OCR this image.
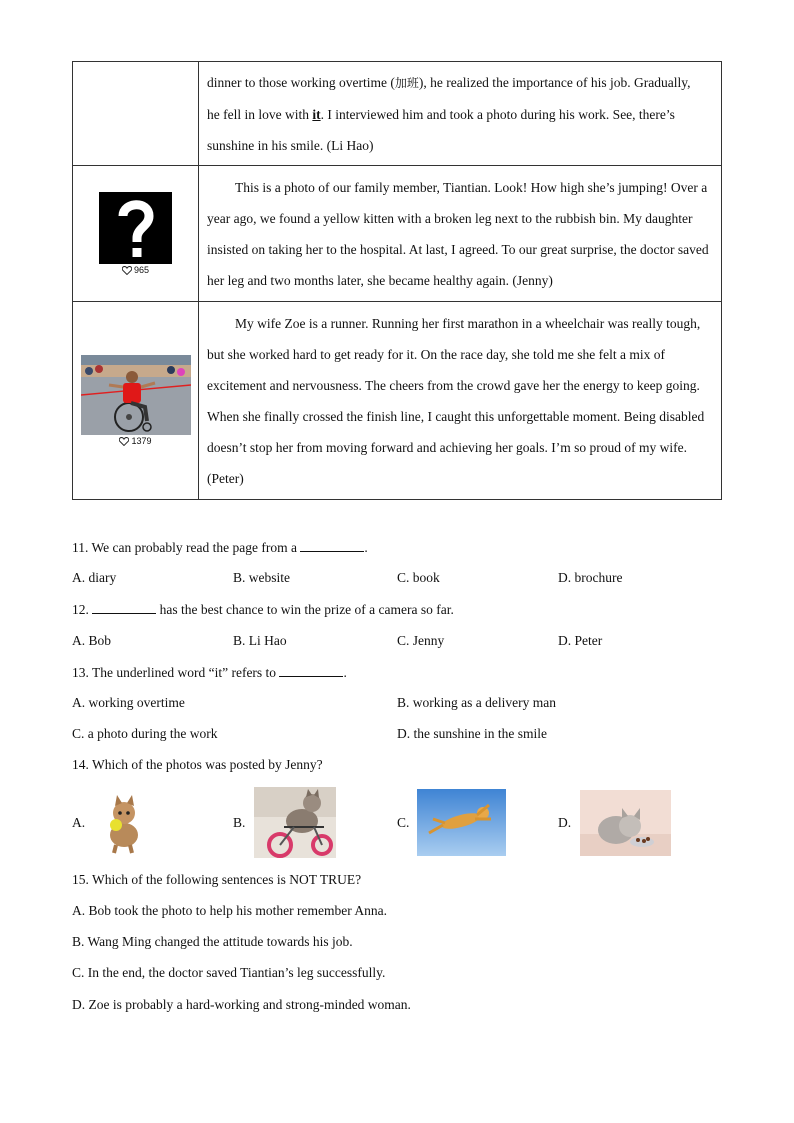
	dinner to those working overtime (加班), he realized the importance of his job. Gradually,
he fell in love with it. I interviewed him and took a photo during his work. See, there’s
sunshine in his smile. (Li Hao)

965	This is a photo of our family member, Tiantian. Look! How high she’s jumping! Over a year ago, we found a yellow kitten with a broken leg next to the rubbish bin. My daughter insisted on taking her to the hospital. At last, I agreed. To our great surprise, the doctor saved her leg and two months later, she became healthy again. (Jenny)

1379	My wife Zoe is a runner. Running her first marathon in a wheelchair was really tough, but she worked hard to get ready for it. On the race day, she told me she felt a mix of excitement and nervousness. The cheers from the crowd gave her the energy to keep going. When she finally crossed the finish line, I caught this unforgettable moment. Being disabled doesn’t stop her from moving forward and achieving her goals. I’m so proud of my wife. (Peter)
11. We can probably read the page from a	.
A. diary	B. website	C. book	D. brochure
12.	has the best chance to win the prize of a camera so far.
A. Bob	B. Li Hao	C. Jenny	D. Peter
13. The underlined word “it” refers to	.
A. working overtime	B. working as a delivery man
C. a photo during the work	D. the sunshine in the smile
14. Which of the photos was posted by Jenny?
A.	B.	C.	D.
15. Which of the following sentences is NOT TRUE?
A. Bob took the photo to help his mother remember Anna.
B. Wang Ming changed the attitude towards his job.
C. In the end, the doctor saved Tiantian’s leg successfully.
D. Zoe is probably a hard-working and strong-minded woman.
